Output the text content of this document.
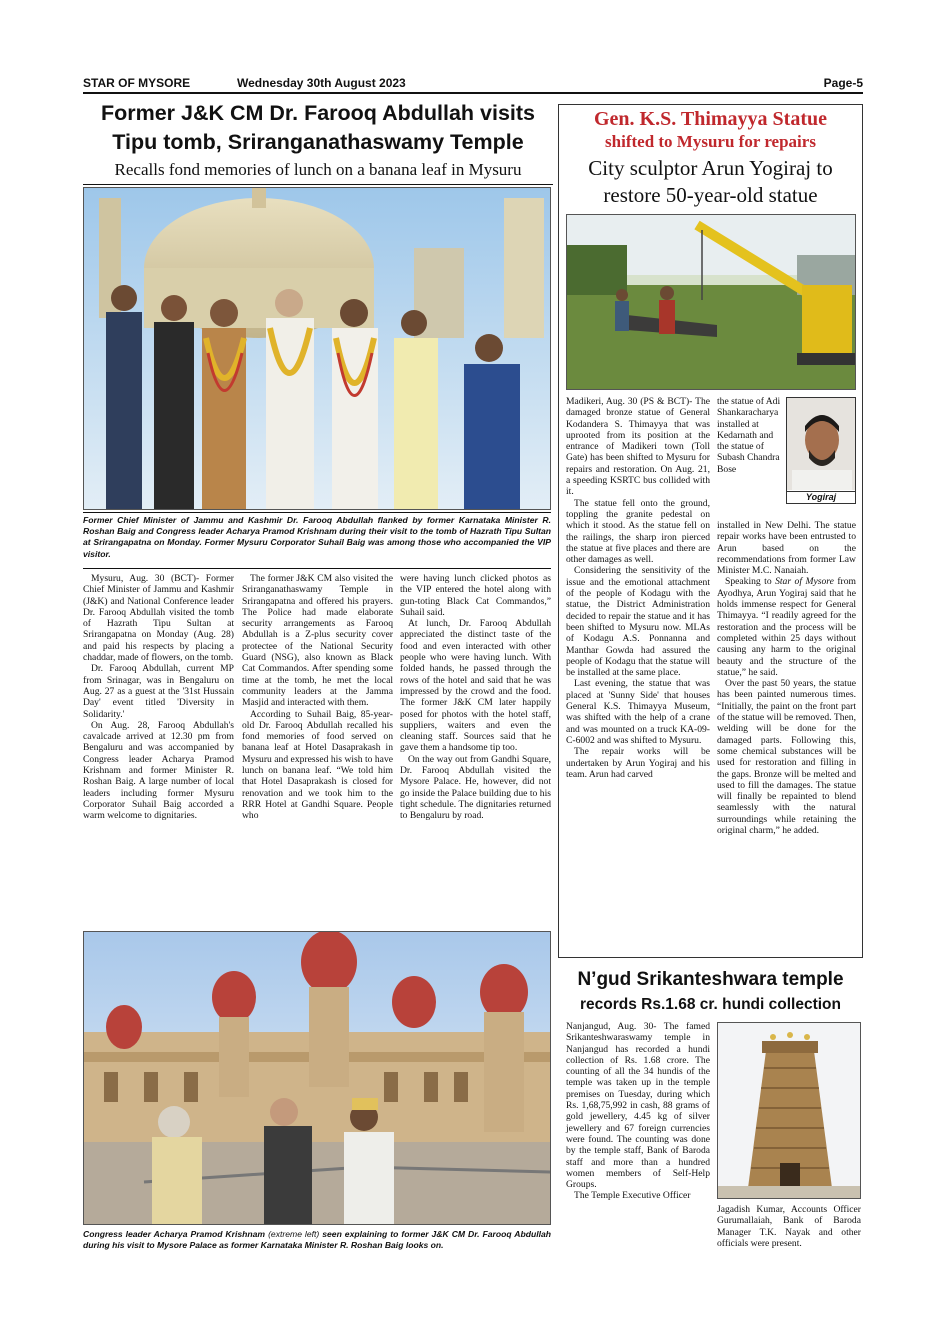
STAR OF MYSORE	Wednesday 30th August 2023	Page-5
Former J&K CM Dr. Farooq Abdullah visits
Tipu tomb, Sriranganathaswamy Temple
Recalls fond memories of lunch on a banana leaf in Mysuru
Former Chief Minister of Jammu and Kashmir Dr. Farooq Abdullah flanked by former Karnataka Minister R. Roshan Baig and Congress leader Acharya Pramod Krishnam during their visit to the tomb of Hazrath Tipu Sultan at Srirangapatna on Monday. Former Mysuru Corporator Suhail Baig was among those who accompanied the VIP visitor.

Mysuru, Aug. 30 (BCT)- Former Chief Minister of Jammu and Kashmir (J&K) and National Conference leader Dr. Farooq Abdullah visited the tomb of Hazrath Tipu Sultan at Srirangapatna on Monday (Aug. 28) and paid his respects by placing a chaddar, made of flowers, on the tomb.

Dr. Farooq Abdullah, current MP from Srinagar, was in Bengaluru on Aug. 27 as a guest at the '31st Hussain Day' event titled 'Diversity in Solidarity.'

On Aug. 28, Farooq Abdullah's cavalcade arrived at 12.30 pm from Bengaluru and was accompanied by Congress leader Acharya Pramod Krishnam and former Minister R. Roshan Baig. A large number of local leaders including former Mysuru Corporator Suhail Baig accorded a warm welcome to dignitaries.

The former J&K CM also visited the Sriranganathaswamy Temple in Srirangapatna and offered his prayers. The Police had made elaborate security arrangements as Farooq Abdullah is a Z-plus security cover protectee of the National Security Guard (NSG), also known as Black Cat Commandos. After spending some time at the tomb, he met the local community leaders at the Jamma Masjid and interacted with them.

According to Suhail Baig, 85-year-old Dr. Farooq Abdullah recalled his fond memories of food served on banana leaf at Hotel Dasaprakash in Mysuru and expressed his wish to have lunch on banana leaf. “We told him that Hotel Dasaprakash is closed for renovation and we took him to the RRR Hotel at Gandhi Square. People who

were having lunch clicked photos as the VIP entered the hotel along with gun-toting Black Cat Commandos,” Suhail said.

At lunch, Dr. Farooq Abdullah appreciated the distinct taste of the food and even interacted with other people who were having lunch. With folded hands, he passed through the rows of the hotel and said that he was impressed by the crowd and the food. The former J&K CM later happily posed for photos with the hotel staff, suppliers, waiters and even the cleaning staff. Sources said that he gave them a handsome tip too.

On the way out from Gandhi Square, Dr. Farooq Abdullah visited the Mysore Palace. He, however, did not go inside the Palace building due to his tight schedule. The dignitaries returned to Bengaluru by road.

Congress leader Acharya Pramod Krishnam (extreme left) seen explaining to former J&K CM Dr. Farooq Abdullah during his visit to Mysore Palace as former Karnataka Minister R. Roshan Baig looks on.
Gen. K.S. Thimayya Statue
shifted to Mysuru for repairs
City sculptor Arun Yogiraj to
restore 50-year-old statue

Madikeri, Aug. 30 (PS & BCT)- The damaged bronze statue of General Kodandera S. Thimayya that was uprooted from its position at the entrance of Madikeri town (Toll Gate) has been shifted to Mysuru for repairs and restoration. On Aug. 21, a speeding KSRTC bus collided with it.

The statue fell onto the ground, toppling the granite pedestal on which it stood. As the statue fell on the railings, the sharp iron pierced the statue at five places and there are other damages as well.

Considering the sensitivity of the issue and the emotional attachment of the people of Kodagu with the statue, the District Administration decided to repair the statue and it has been shifted to Mysuru now. MLAs of Kodagu A.S. Ponnanna and Manthar Gowda had assured the people of Kodagu that the statue will be installed at the same place.

Last evening, the statue that was placed at 'Sunny Side' that houses General K.S. Thimayya Museum, was shifted with the help of a crane and was mounted on a truck KA-09-C-6002 and was shifted to Mysuru.

The repair works will be undertaken by Arun Yogiraj and his team. Arun had carved

the statue of Adi Shankaracharya installed at Kedarnath and the statue of Subash Chandra Bose
Yogiraj

installed in New Delhi. The statue repair works have been entrusted to Arun based on the recommendations from former Law Minister M.C. Nanaiah.

Speaking to Star of Mysore from Ayodhya, Arun Yogiraj said that he holds immense respect for General Thimayya. “I readily agreed for the restoration and the process will be completed within 25 days without causing any harm to the original beauty and the structure of the statue,” he said.

Over the past 50 years, the statue has been painted numerous times. “Initially, the paint on the front part of the statue will be removed. Then, welding will be done for the damaged parts. Following this, some chemical substances will be used for restoration and filling in the gaps. Bronze will be melted and used to fill the damages. The statue will finally be repainted to blend seamlessly with the natural surroundings while retaining the original charm,” he added.

N’gud Srikanteshwara temple
records Rs.1.68 cr. hundi collection

Nanjangud, Aug. 30- The famed Srikanteshwaraswamy temple in Nanjangud has recorded a hundi collection of Rs. 1.68 crore. The counting of all the 34 hundis of the temple was taken up in the temple premises on Tuesday, during which Rs. 1,68,75,992 in cash, 88 grams of gold jewellery, 4.45 kg of silver jewellery and 67 foreign currencies were found. The counting was done by the temple staff, Bank of Baroda staff and more than a hundred women members of Self-Help Groups.

The Temple Executive Officer

Jagadish Kumar, Accounts Officer Gurumallaiah, Bank of Baroda Manager T.K. Nayak and other officials were present.
